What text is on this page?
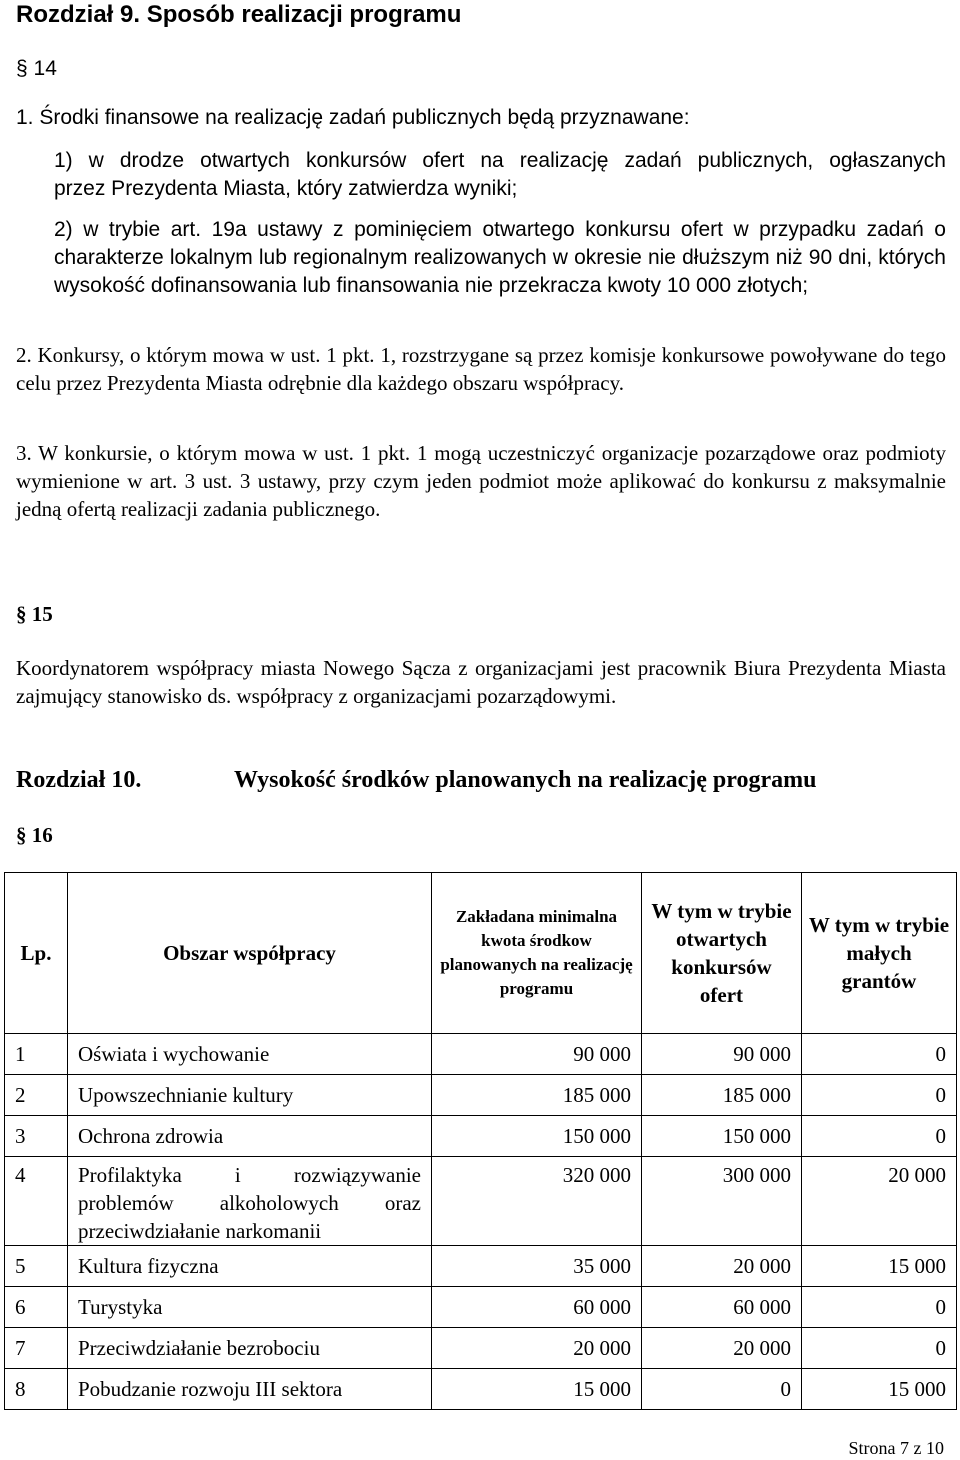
Rozdział 9. Sposób realizacji programu
§ 14
1. Środki finansowe na realizację zadań publicznych będą przyznawane:
1) w drodze otwartych konkursów ofert na realizację zadań publicznych, ogłaszanych
przez Prezydenta Miasta, który zatwierdza wyniki;
2) w trybie art. 19a ustawy z pominięciem otwartego konkursu ofert w przypadku zadań o charakterze lokalnym lub regionalnym realizowanych w okresie nie dłuższym niż 90 dni, których wysokość dofinansowania lub finansowania nie przekracza kwoty 10 000 złotych;
2. Konkursy, o którym mowa w ust. 1 pkt. 1, rozstrzygane są przez komisje konkursowe powoływane do tego celu przez Prezydenta Miasta odrębnie dla każdego obszaru współpracy.
3. W konkursie, o którym mowa w ust. 1 pkt. 1 mogą uczestniczyć organizacje pozarządowe oraz podmioty wymienione w art. 3 ust. 3 ustawy, przy czym jeden podmiot może aplikować do konkursu z maksymalnie jedną ofertą realizacji zadania publicznego.
§ 15
Koordynatorem współpracy miasta Nowego Sącza z organizacjami jest pracownik Biura Prezydenta Miasta zajmujący stanowisko ds. współpracy z organizacjami pozarządowymi.
Rozdział 10.	Wysokość środków planowanych na realizację programu
§ 16
Lp.	Obszar współpracy	Zakładana minimalna kwota środkow planowanych na realizację programu	W tym w trybie otwartych konkursów ofert	W tym w trybie małych grantów
1	Oświata i wychowanie	90 000	90 000	0
2	Upowszechnianie kultury	185 000	185 000	0
3	Ochrona zdrowia	150 000	150 000	0
4	Profilaktyka i rozwiązywanie problemów alkoholowych oraz przeciwdziałanie narkomanii	320 000	300 000	20 000
5	Kultura fizyczna	35 000	20 000	15 000
6	Turystyka	60 000	60 000	0
7	Przeciwdziałanie bezrobociu	20 000	20 000	0
8	Pobudzanie rozwoju III sektora	15 000	0	15 000
Strona 7 z 10
